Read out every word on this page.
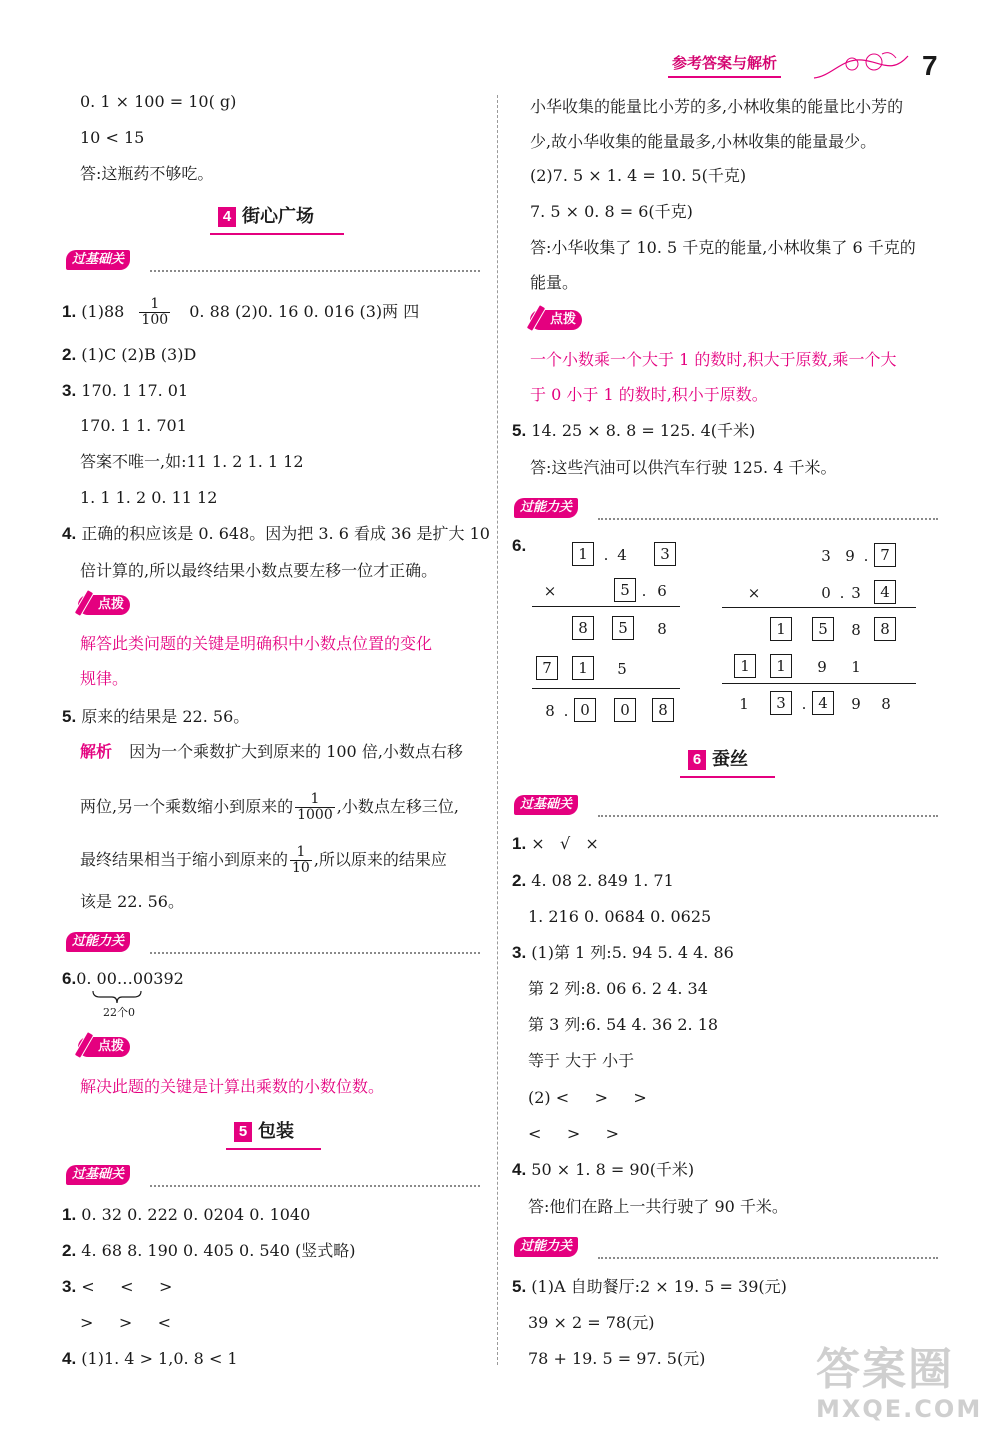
参考答案与解析	7
0. 1 × 100 = 10( g)
10 < 15
答:这瓶药不够吃。
4 街心广场
过基础关
1. $(1)88 \frac{1}{100} 0$. 88 (2)0. 16 0. 016 (3)两 四
2. (1)C (2)B (3)D
3. 170. 1 17. 01
170. 1 1. 701
答案不唯一,如:11 1. 2 1. 1 12
1. 1 1. 2 0. 11 12
4. 正确的积应该是 0. 648。因为把 3. 6 看成 36 是扩大 10
倍计算的,所以最终结果小数点要左移一位才正确。
点拨
解答此类问题的关键是明确积中小数点位置的变化
规律。
5. 原来的结果是 22. 56。
解析 因为一个乘数扩大到原来的 100 倍,小数点右移
两位,另一个乘数缩小到原来的 $\frac{1}{1000}$ ,小数点左移三位,
最终结果相当于缩小到原来的 $\frac{1}{10}$ ,所以原来的结果应
该是 22. 56。
过能力关
6.0. 00…00392
22个0
点拨
解决此题的关键是计算出乘数的小数位数。
5 包装
过基础关
1. 0. 32 0. 222 0. 0204 0. 1040
2. 4. 68 8. 190 0. 405 0. 540 (竖式略)
3. <     <     >
>     >     <
4. (1)1. 4 > 1,0. 8 < 1
小华收集的能量比小芳的多,小林收集的能量比小芳的
少,故小华收集的能量最多,小林收集的能量最少。
(2)7. 5 × 1. 4 = 10. 5(千克)
7. 5 × 0. 8 = 6(千克)
答:小华收集了 10. 5 千克的能量,小林收集了 6 千克的
能量。
点拨
一个小数乘一个大于 1 的数时,积大于原数,乘一个大
于 0 小于 1 的数时,积小于原数。
5. 14. 25 × 8. 8 = 125. 4(千米)
答:这些汽油可以供汽车行驶 125. 4 千米。
过能力关
6.	1	. 4	3
×	5 . 6
8	5	8
7	1	5
8 . 0	0	8
3 9 . 7
×	0 . 3	4
1	5	8	8
1	1	9	1
1	3	. 4	9	8
6 蚕丝
过基础关
1. ×   √   ×
2. 4. 08 2. 849 1. 71
1. 216 0. 0684 0. 0625
3. (1)第 1 列:5. 94 5. 4 4. 86
第 2 列:8. 06 6. 2 4. 34
第 3 列:6. 54 4. 36 2. 18
等于 大于 小于
(2) <     >     >
<     >     >
4. 50 × 1. 8 = 90(千米)
答:他们在路上一共行驶了 90 千米。
过能力关
5. (1)A 自助餐厅:2 × 19. 5 = 39(元)
39 × 2 = 78(元)
78 + 19. 5 = 97. 5(元)	答案圈
MXQE.COM
